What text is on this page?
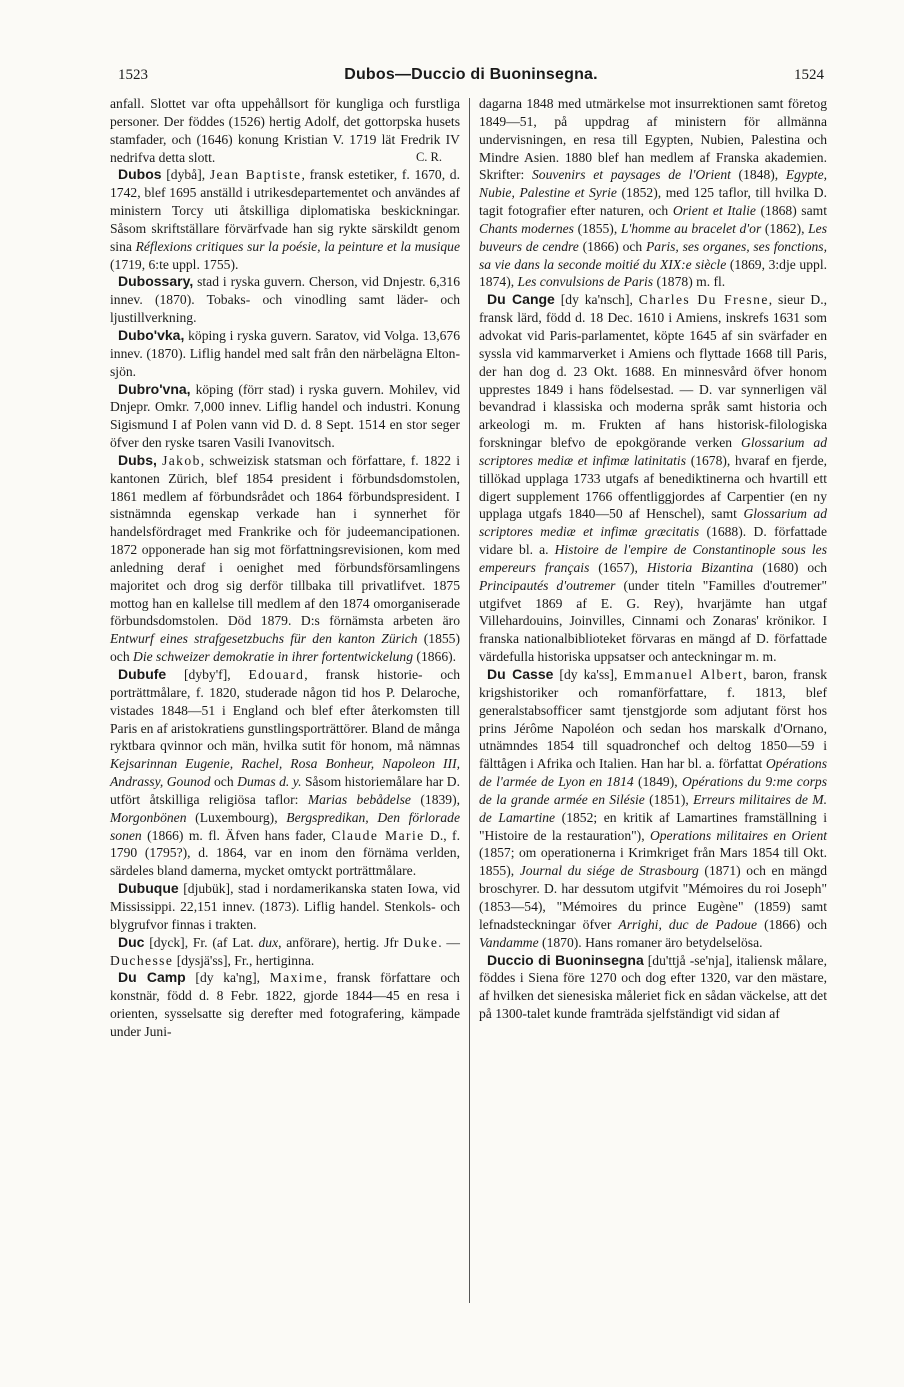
1523	Dubos—Duccio di Buoninsegna.	1524

anfall. Slottet var ofta uppehållsort för kungliga och furstliga personer. Der föddes (1526) hertig Adolf, det gottorpska husets stamfader, och (1646) konung Kristian V. 1719 lät Fredrik IV nedrifva detta slott.	C. R.

Dubos [dybå], Jean Baptiste, fransk estetiker, f. 1670, d. 1742, blef 1695 anställd i utrikesdepartementet och användes af ministern Torcy uti åtskilliga diplomatiska beskickningar. Såsom skriftställare förvärfvade han sig rykte särskildt genom sina Réflexions critiques sur la poésie, la peinture et la musique (1719, 6:te uppl. 1755).

Dubossary, stad i ryska guvern. Cherson, vid Dnjestr. 6,316 innev. (1870). Tobaks- och vinodling samt läder- och ljustillverkning.

Dubo'vka, köping i ryska guvern. Saratov, vid Volga. 13,676 innev. (1870). Liflig handel med salt från den närbelägna Elton-sjön.

Dubro'vna, köping (förr stad) i ryska guvern. Mohilev, vid Dnjepr. Omkr. 7,000 innev. Liflig handel och industri. Konung Sigismund I af Polen vann vid D. d. 8 Sept. 1514 en stor seger öfver den ryske tsaren Vasili Ivanovitsch.

Dubs, Jakob, schweizisk statsman och författare, f. 1822 i kantonen Zürich, blef 1854 president i förbundsdomstolen, 1861 medlem af förbundsrådet och 1864 förbundspresident. I sistnämnda egenskap verkade han i synnerhet för handelsfördraget med Frankrike och för judeemancipationen. 1872 opponerade han sig mot författningsrevisionen, kom med anledning deraf i oenighet med förbundsförsamlingens majoritet och drog sig derför tillbaka till privatlifvet. 1875 mottog han en kallelse till medlem af den 1874 omorganiserade förbundsdomstolen. Död 1879. D:s förnämsta arbeten äro Entwurf eines strafgesetzbuchs für den kanton Zürich (1855) och Die schweizer demokratie in ihrer fortentwickelung (1866).

Dubufe [dyby'f], Edouard, fransk historie- och porträttmålare, f. 1820, studerade någon tid hos P. Delaroche, vistades 1848—51 i England och blef efter återkomsten till Paris en af aristokratiens gunstlingsporträttörer. Bland de många ryktbara qvinnor och män, hvilka sutit för honom, må nämnas Kejsarinnan Eugenie, Rachel, Rosa Bonheur, Napoleon III, Andrassy, Gounod och Dumas d. y. Såsom historiemålare har D. utfört åtskilliga religiösa taflor: Marias bebådelse (1839), Morgonbönen (Luxembourg), Bergspredikan, Den förlorade sonen (1866) m. fl. Äfven hans fader, Claude Marie D., f. 1790 (1795?), d. 1864, var en inom den förnäma verlden, särdeles bland damerna, mycket omtyckt porträttmålare.

Dubuque [djubük], stad i nordamerikanska staten Iowa, vid Mississippi. 22,151 innev. (1873). Liflig handel. Stenkols- och blygrufvor finnas i trakten.

Duc [dyck], Fr. (af Lat. dux, anförare), hertig. Jfr Duke. — Duchesse [dysjä'ss], Fr., hertiginna.

Du Camp [dy ka'ng], Maxime, fransk författare och konstnär, född d. 8 Febr. 1822, gjorde 1844—45 en resa i orienten, sysselsatte sig derefter med fotografering, kämpade under Juni-

dagarna 1848 med utmärkelse mot insurrektionen samt företog 1849—51, på uppdrag af ministern för allmänna undervisningen, en resa till Egypten, Nubien, Palestina och Mindre Asien. 1880 blef han medlem af Franska akademien. Skrifter: Souvenirs et paysages de l'Orient (1848), Egypte, Nubie, Palestine et Syrie (1852), med 125 taflor, till hvilka D. tagit fotografier efter naturen, och Orient et Italie (1868) samt Chants modernes (1855), L'homme au bracelet d'or (1862), Les buveurs de cendre (1866) och Paris, ses organes, ses fonctions, sa vie dans la seconde moitié du XIX:e siècle (1869, 3:dje uppl. 1874), Les convulsions de Paris (1878) m. fl.

Du Cange [dy ka'nsch], Charles Du Fresne, sieur D., fransk lärd, född d. 18 Dec. 1610 i Amiens, inskrefs 1631 som advokat vid Paris-parlamentet, köpte 1645 af sin svärfader en syssla vid kammarverket i Amiens och flyttade 1668 till Paris, der han dog d. 23 Okt. 1688. En minnesvård öfver honom upprestes 1849 i hans födelsestad. — D. var synnerligen väl bevandrad i klassiska och moderna språk samt historia och arkeologi m. m. Frukten af hans historisk-filologiska forskningar blefvo de epokgörande verken Glossarium ad scriptores mediæ et infimæ latinitatis (1678), hvaraf en fjerde, tillökad upplaga 1733 utgafs af benediktinerna och hvartill ett digert supplement 1766 offentliggjordes af Carpentier (en ny upplaga utgafs 1840—50 af Henschel), samt Glossarium ad scriptores mediæ et infimæ græcitatis (1688). D. författade vidare bl. a. Histoire de l'empire de Constantinople sous les empereurs français (1657), Historia Bizantina (1680) och Principautés d'outremer (under titeln "Familles d'outremer" utgifvet 1869 af E. G. Rey), hvarjämte han utgaf Villehardouins, Joinvilles, Cinnami och Zonaras' krönikor. I franska nationalbiblioteket förvaras en mängd af D. författade värdefulla historiska uppsatser och anteckningar m. m.

Du Casse [dy ka'ss], Emmanuel Albert, baron, fransk krigshistoriker och romanförfattare, f. 1813, blef generalstabsofficer samt tjenstgjorde som adjutant först hos prins Jérôme Napoléon och sedan hos marskalk d'Ornano, utnämndes 1854 till squadronchef och deltog 1850—59 i fälttågen i Afrika och Italien. Han har bl. a. författat Opérations de l'armée de Lyon en 1814 (1849), Opérations du 9:me corps de la grande armée en Silésie (1851), Erreurs militaires de M. de Lamartine (1852; en kritik af Lamartines framställning i "Histoire de la restauration"), Operations militaires en Orient (1857; om operationerna i Krimkriget från Mars 1854 till Okt. 1855), Journal du siége de Strasbourg (1871) och en mängd broschyrer. D. har dessutom utgifvit "Mémoires du roi Joseph" (1853—54), "Mémoires du prince Eugène" (1859) samt lefnadsteckningar öfver Arrighi, duc de Padoue (1866) och Vandamme (1870). Hans romaner äro betydelselösa.

Duccio di Buoninsegna [du'ttjå -se'nja], italiensk målare, föddes i Siena före 1270 och dog efter 1320, var den mästare, af hvilken det sienesiska måleriet fick en sådan väckelse, att det på 1300-talet kunde framträda sjelfständigt vid sidan af
